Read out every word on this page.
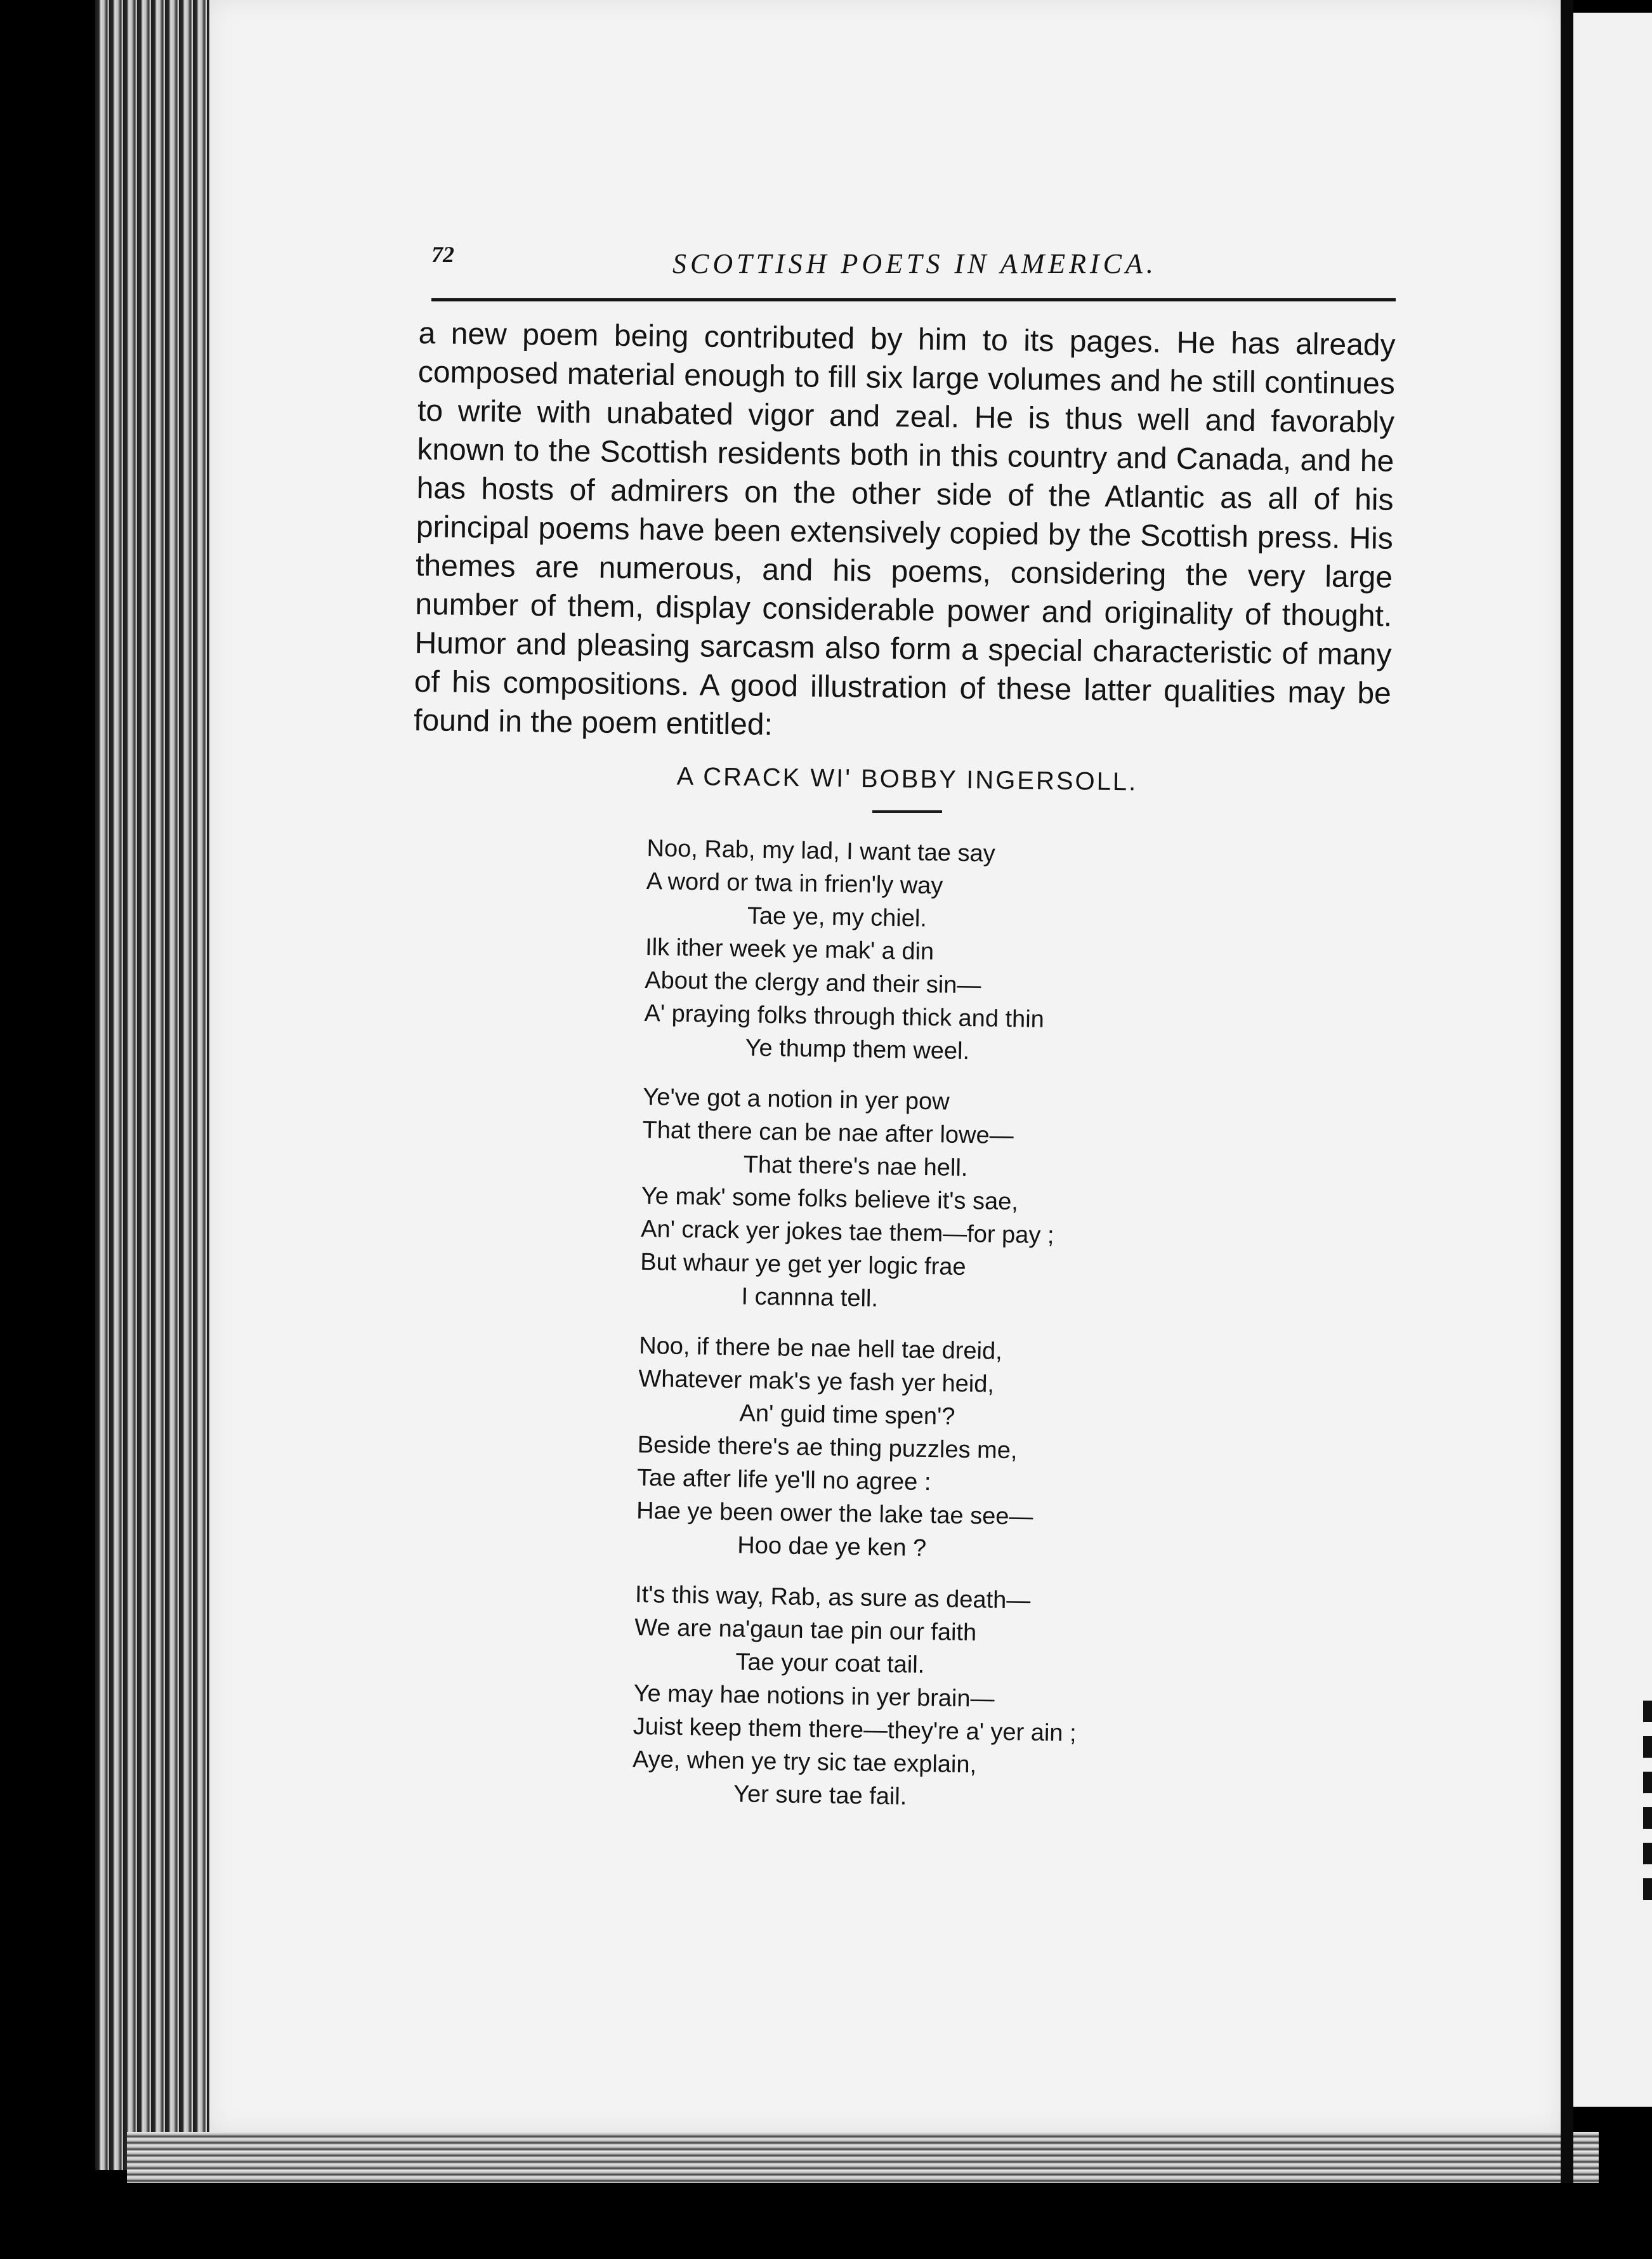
72	SCOTTISH POETS IN AMERICA.

a new poem being contributed by him to its pages. He has already composed material enough to fill six large volumes and he still continues to write with unabated vigor and zeal. He is thus well and favorably known to the Scottish residents both in this country and Canada, and he has hosts of admirers on the other side of the Atlantic as all of his principal poems have been extensively copied by the Scottish press. His themes are numerous, and his poems, considering the very large number of them, display considerable power and originality of thought. Humor and pleasing sarcasm also form a special characteristic of many of his compositions. A good illustration of these latter qualities may be found in the poem entitled:

A CRACK WI' BOBBY INGERSOLL.
Noo, Rab, my lad, I want tae say
A word or twa in frien'ly way
Tae ye, my chiel.
Ilk ither week ye mak' a din
About the clergy and their sin—
A' praying folks through thick and thin
Ye thump them weel.
Ye've got a notion in yer pow
That there can be nae after lowe—
That there's nae hell.
Ye mak' some folks believe it's sae,
An' crack yer jokes tae them—for pay ;
But whaur ye get yer logic frae
I cannna tell.
Noo, if there be nae hell tae dreid,
Whatever mak's ye fash yer heid,
An' guid time spen'?
Beside there's ae thing puzzles me,
Tae after life ye'll no agree :
Hae ye been ower the lake tae see—
Hoo dae ye ken ?
It's this way, Rab, as sure as death—
We are na'gaun tae pin our faith
Tae your coat tail.
Ye may hae notions in yer brain—
Juist keep them there—they're a' yer ain ;
Aye, when ye try sic tae explain,
Yer sure tae fail.
